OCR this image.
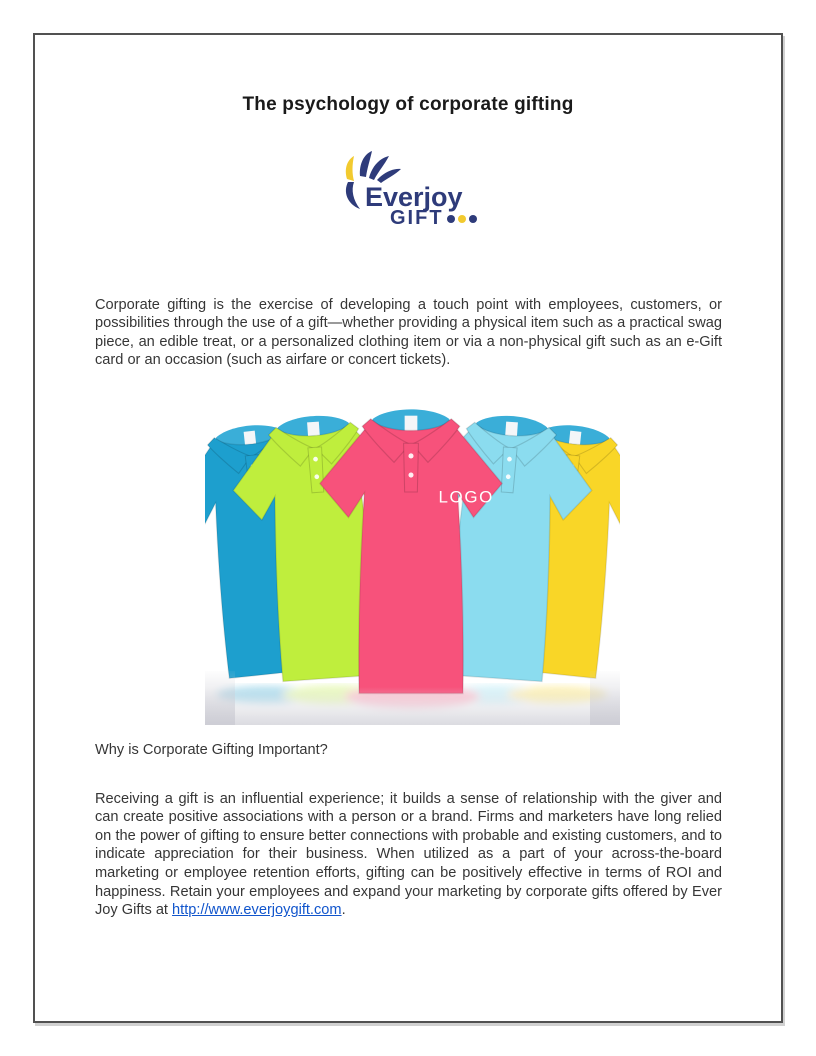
The psychology of corporate gifting
Everjoy
GIFT

Corporate gifting is the exercise of developing a touch point with employees, customers, or possibilities through the use of a gift—whether providing a physical item such as a practical swag piece, an edible treat, or a personalized clothing item or via a non-physical gift such as an e-Gift card or an occasion (such as airfare or concert tickets).

LOGO
Why is Corporate Gifting Important?

Receiving a gift is an influential experience; it builds a sense of relationship with the giver and can create positive associations with a person or a brand. Firms and marketers have long relied on the power of gifting to ensure better connections with probable and existing customers, and to indicate appreciation for their business. When utilized as a part of your across-the-board marketing or employee retention efforts, gifting can be positively effective in terms of ROI and happiness. Retain your employees and expand your marketing by corporate gifts offered by Ever Joy Gifts at http://www.everjoygift.com.
